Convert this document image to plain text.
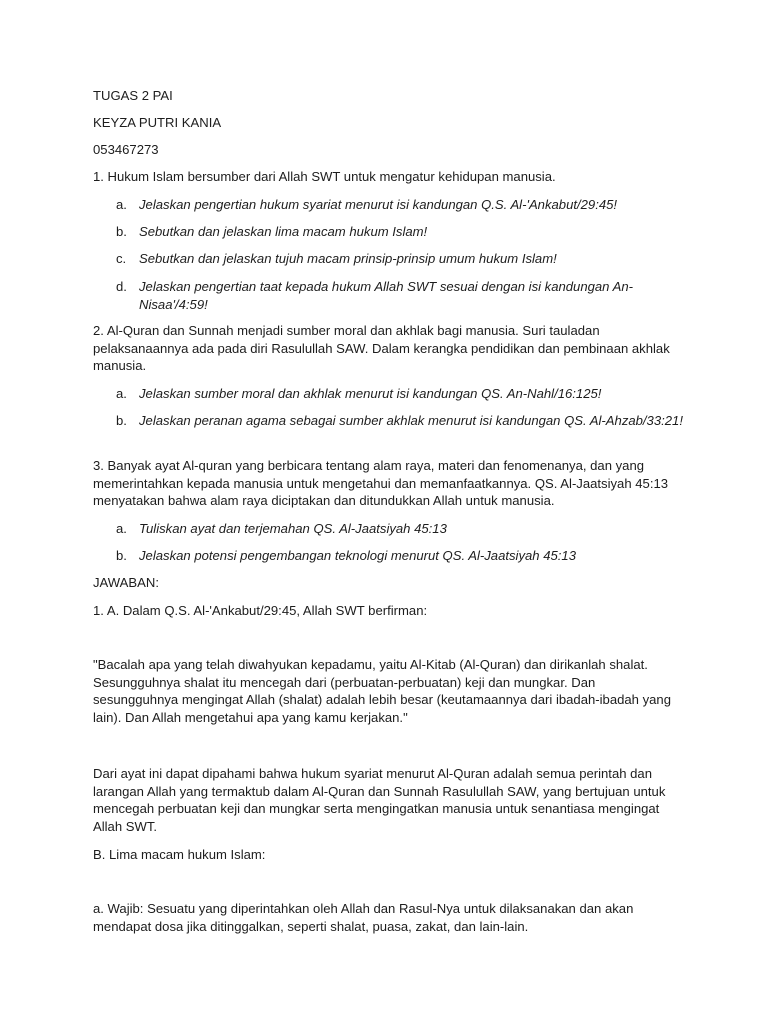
TUGAS 2 PAI

KEYZA PUTRI KANIA

053467273

1. Hukum Islam bersumber dari Allah SWT untuk mengatur kehidupan manusia.

a. Jelaskan pengertian hukum syariat menurut isi kandungan Q.S. Al-'Ankabut/29:45!
b. Sebutkan dan jelaskan lima macam hukum Islam!
c. Sebutkan dan jelaskan tujuh macam prinsip-prinsip umum hukum Islam!
d. Jelaskan pengertian taat kepada hukum Allah SWT sesuai dengan isi kandungan An-Nisaa'/4:59!

2. Al-Quran dan Sunnah menjadi sumber moral dan akhlak bagi manusia. Suri tauladan pelaksanaannya ada pada diri Rasulullah SAW. Dalam kerangka pendidikan dan pembinaan akhlak manusia.

a. Jelaskan sumber moral dan akhlak menurut isi kandungan QS. An-Nahl/16:125!
b. Jelaskan peranan agama sebagai sumber akhlak menurut isi kandungan QS. Al-Ahzab/33:21!

3. Banyak ayat Al-quran yang berbicara tentang alam raya, materi dan fenomenanya, dan yang memerintahkan kepada manusia untuk mengetahui dan memanfaatkannya. QS. Al-Jaatsiyah 45:13 menyatakan bahwa alam raya diciptakan dan ditundukkan Allah untuk manusia.

a. Tuliskan ayat dan terjemahan QS. Al-Jaatsiyah 45:13
b. Jelaskan potensi pengembangan teknologi menurut QS. Al-Jaatsiyah 45:13

JAWABAN:

1. A. Dalam Q.S. Al-'Ankabut/29:45, Allah SWT berfirman:

"Bacalah apa yang telah diwahyukan kepadamu, yaitu Al-Kitab (Al-Quran) dan dirikanlah shalat. Sesungguhnya shalat itu mencegah dari (perbuatan-perbuatan) keji dan mungkar. Dan sesungguhnya mengingat Allah (shalat) adalah lebih besar (keutamaannya dari ibadah-ibadah yang lain). Dan Allah mengetahui apa yang kamu kerjakan."

Dari ayat ini dapat dipahami bahwa hukum syariat menurut Al-Quran adalah semua perintah dan larangan Allah yang termaktub dalam Al-Quran dan Sunnah Rasulullah SAW, yang bertujuan untuk mencegah perbuatan keji dan mungkar serta mengingatkan manusia untuk senantiasa mengingat Allah SWT.

B. Lima macam hukum Islam:

a. Wajib: Sesuatu yang diperintahkan oleh Allah dan Rasul-Nya untuk dilaksanakan dan akan mendapat dosa jika ditinggalkan, seperti shalat, puasa, zakat, dan lain-lain.
